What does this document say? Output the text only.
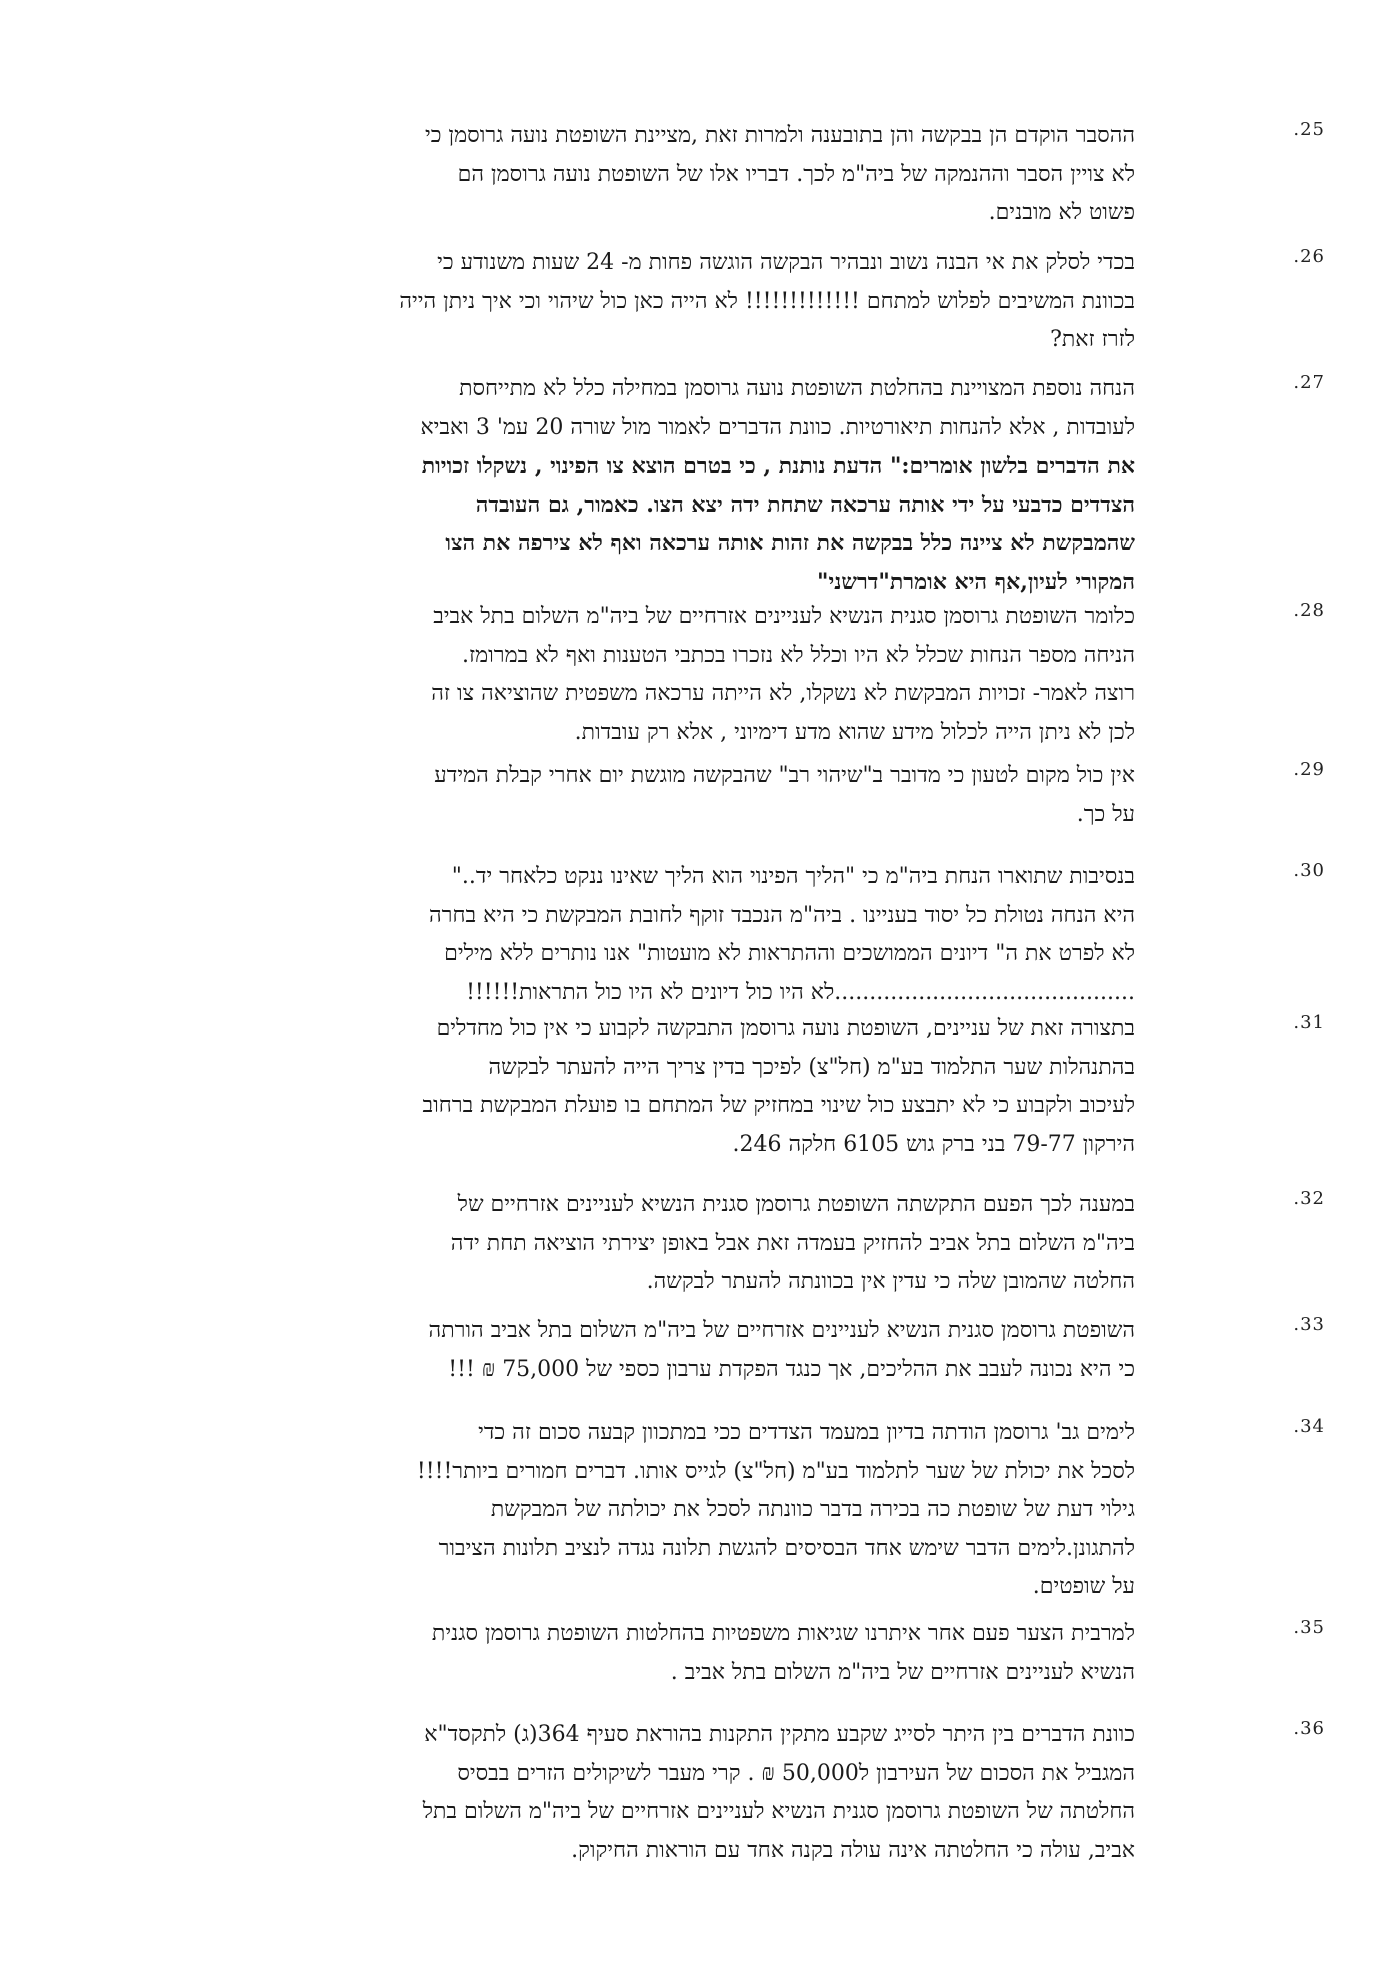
.25
ההסבר הוקדם הן בבקשה והן בתובענה ולמרות זאת ,מציינת השופטת נועה גרוסמן כי
לא צויין הסבר וההנמקה של ביה"מ לכך. דבריו אלו של השופטת נועה גרוסמן הם
פשוט לא מובנים.
.26
בכדי לסלק את אי הבנה נשוב ונבהיר הבקשה הוגשה פחות מ- 24 שעות משנודע כי
בכוונת המשיבים לפלוש למתחם !!!!!!!!!!!!! לא הייה כאן כול שיהוי וכי איך ניתן הייה
לזרז זאת?
.27
הנחה נוספת המצויינת בהחלטת השופטת נועה גרוסמן במחילה כלל לא מתייחסת
לעובדות , אלא להנחות תיאורטיות. כוונת הדברים לאמור מול שורה 20 עמ' 3 ואביא
את הדברים בלשון אומרים:" הדעת נותנת , כי בטרם הוצא צו הפינוי , נשקלו זכויות
הצדדים כדבעי על ידי אותה ערכאה שתחת ידה יצא הצו. כאמור, גם העובדה
שהמבקשת לא ציינה כלל בבקשה את זהות אותה ערכאה ואף לא צירפה את הצו
המקורי לעיון,אף היא אומרת"דרשני"
.28
כלומר השופטת גרוסמן סגנית הנשיא לעניינים אזרחיים של ביה"מ השלום בתל אביב
הניחה מספר הנחות שכלל לא היו וכלל לא נזכרו בכתבי הטענות ואף לא במרומז.
רוצה לאמר- זכויות המבקשת לא נשקלו, לא הייתה ערכאה משפטית שהוציאה צו זה
לכן לא ניתן הייה לכלול מידע שהוא מדע דימיוני , אלא רק עובדות.
.29
אין כול מקום לטעון כי מדובר ב"שיהוי רב" שהבקשה מוגשת יום אחרי קבלת המידע
על כך.
.30
בנסיבות שתוארו הנחת ביה"מ כי "הליך הפינוי הוא הליך שאינו ננקט כלאחר יד.."
היא הנחה נטולת כל יסוד בעניינו . ביה"מ הנכבד זוקף לחובת המבקשת כי היא בחרה
לא לפרט את ה" דיונים הממושכים וההתראות לא מועטות" אנו נותרים ללא מילים
...........................................לא היו כול דיונים לא היו כול התראות!!!!!!
.31
בתצורה זאת של עניינים, השופטת נועה גרוסמן התבקשה לקבוע כי אין כול מחדלים
בהתנהלות שער התלמוד בע"מ (חל"צ) לפיכך בדין צריך הייה להעתר לבקשה
לעיכוב ולקבוע כי לא יתבצע כול שינוי במחזיק של המתחם בו פועלת המבקשת ברחוב
הירקון 79-77 בני ברק גוש 6105 חלקה 246.
.32
במענה לכך הפעם התקשתה השופטת גרוסמן סגנית הנשיא לעניינים אזרחיים של
ביה"מ השלום בתל אביב להחזיק בעמדה זאת אבל באופן יצירתי הוציאה תחת ידה
החלטה שהמובן שלה כי עדין אין בכוונתה להעתר לבקשה.
.33
השופטת גרוסמן סגנית הנשיא לעניינים אזרחיים של ביה"מ השלום בתל אביב הורתה
כי היא נכונה לעבב את ההליכים, אך כנגד הפקדת ערבון כספי של 75,000 ₪ !!!
.34
לימים גב' גרוסמן הודתה בדיון במעמד הצדדים ככי במתכוון קבעה סכום זה כדי
לסכל את יכולת של שער לתלמוד בע"מ (חל"צ) לגייס אותו. דברים חמורים ביותר!!!!
גילוי דעת של שופטת כה בכירה בדבר כוונתה לסכל את יכולתה של המבקשת
להתגונן.לימים הדבר שימש אחד הבסיסים להגשת תלונה נגדה לנציב תלונות הציבור
על שופטים.
.35
למרבית הצער פעם אחר איתרנו שגיאות משפטיות בהחלטות השופטת גרוסמן סגנית
הנשיא לעניינים אזרחיים של ביה"מ השלום בתל אביב .
.36
כוונת הדברים בין היתר לסייג שקבע מתקין התקנות בהוראת סעיף 364(ג) לתקסד"א
המגביל את הסכום של העירבון ל50,000 ₪ . קרי מעבר לשיקולים הזרים בבסיס
החלטתה של השופטת גרוסמן סגנית הנשיא לעניינים אזרחיים של ביה"מ השלום בתל
אביב, עולה כי החלטתה אינה עולה בקנה אחד עם הוראות החיקוק.
